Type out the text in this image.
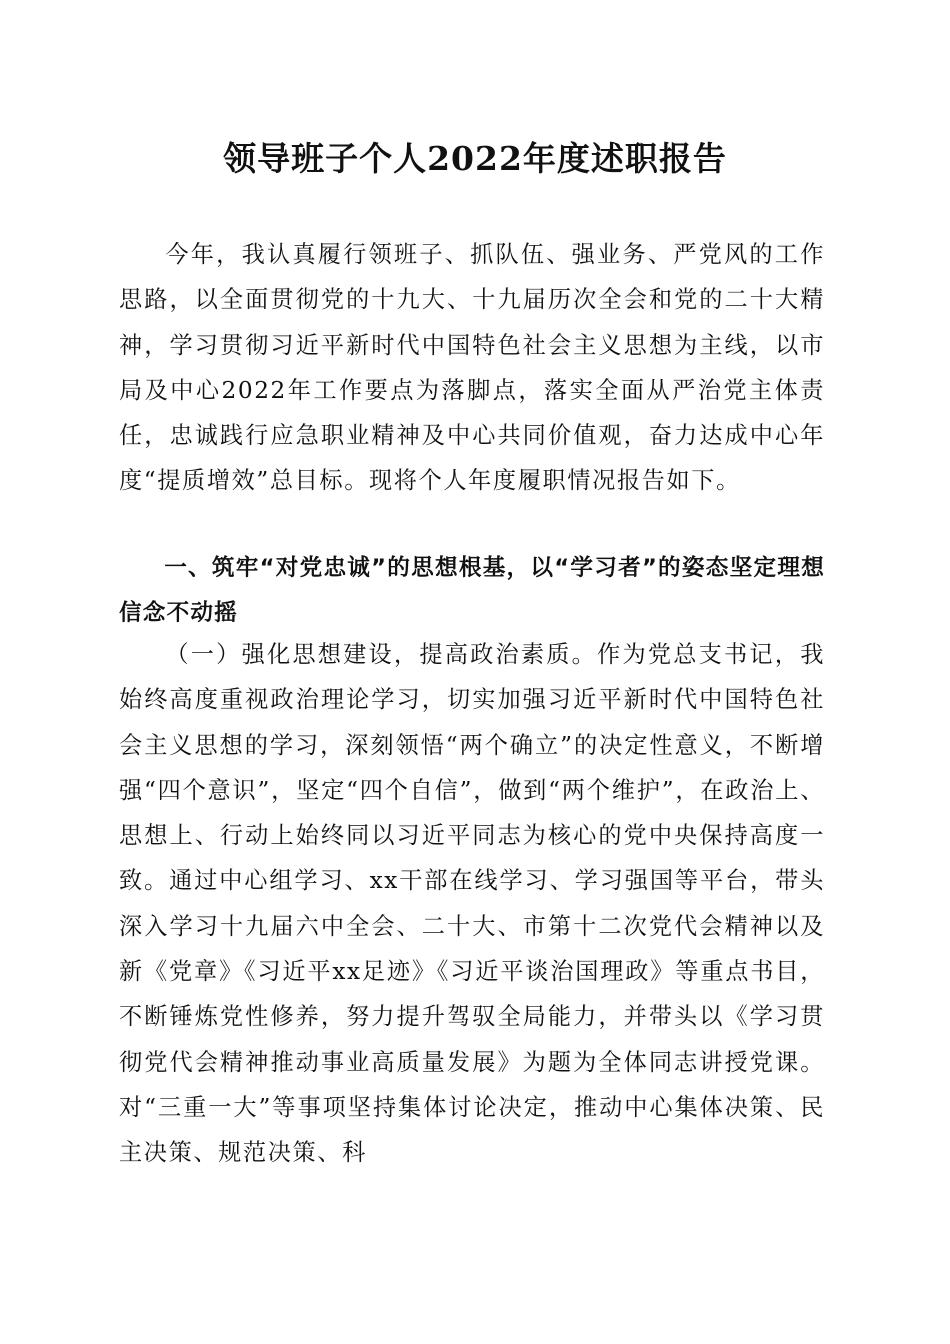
领导班子个人2022年度述职报告

今年，我认真履行领班子、抓队伍、强业务、严党风的工作思路，以全面贯彻党的十九大、十九届历次全会和党的二十大精神，学习贯彻习近平新时代中国特色社会主义思想为主线，以市局及中心2022年工作要点为落脚点，落实全面从严治党主体责任，忠诚践行应急职业精神及中心共同价值观，奋力达成中心年度“提质增效”总目标。现将个人年度履职情况报告如下。

一、筑牢“对党忠诚”的思想根基，以“学习者”的姿态坚定理想信念不动摇

（一）强化思想建设，提高政治素质。作为党总支书记，我始终高度重视政治理论学习，切实加强习近平新时代中国特色社会主义思想的学习，深刻领悟“两个确立”的决定性意义，不断增强“四个意识”，坚定“四个自信”，做到“两个维护”，在政治上、思想上、行动上始终同以习近平同志为核心的党中央保持高度一致。通过中心组学习、xx干部在线学习、学习强国等平台，带头深入学习十九届六中全会、二十大、市第十二次党代会精神以及新《党章》《习近平xx足迹》《习近平谈治国理政》等重点书目，不断锤炼党性修养，努力提升驾驭全局能力，并带头以《学习贯彻党代会精神推动事业高质量发展》为题为全体同志讲授党课。对“三重一大”等事项坚持集体讨论决定，推动中心集体决策、民主决策、规范决策、科
